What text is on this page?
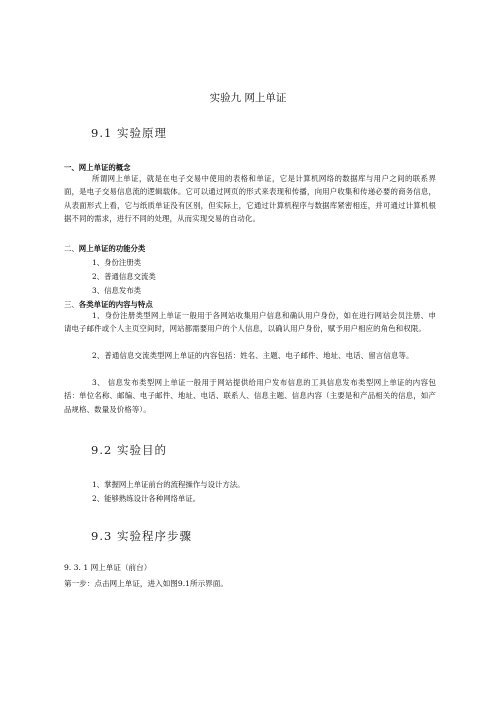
实验九 网上单证
9.1 实验原理
一、网上单证的概念

所谓网上单证，就是在电子交易中使用的表格和单证，它是计算机网络的数据库与用户之间的联系界面，是电子交易信息流的逻辑载体。它可以通过网页的形式来表现和传播，向用户收集和传递必要的商务信息，从表面形式上看，它与纸质单证没有区别，但实际上，它通过计算机程序与数据库紧密相连，并可通过计算机根据不同的需求，进行不同的处理，从而实现交易的自动化。

二、网上单证的功能分类
1、身份注册类
2、普通信息交流类
3、信息发布类
三、各类单证的内容与特点

1、身份注册类型网上单证一般用于各网站收集用户信息和确认用户身份，如在进行网站会员注册、申请电子邮件或个人主页空间时，网站都需要用户的个人信息，以确认用户身份，赋予用户相应的角色和权限。

2、普通信息交流类型网上单证的内容包括：姓名、主题、电子邮件、地址、电话、留言信息等。

3、 信息发布类型网上单证一般用于网站提供给用户发布信息的工具信息发布类型网上单证的内容包括：单位名称、邮编、电子邮件、地址、电话、联系人、信息主题、信息内容（主要是和产品相关的信息，如产品规格、数量及价格等）。

9.2 实验目的
1、掌握网上单证前台的流程操作与设计方法。
2、能够熟练设计各种网络单证。
9.3 实验程序步骤
9. 3. 1 网上单证（前台）
第一步：点击网上单证，进入如图9.1所示界面。
